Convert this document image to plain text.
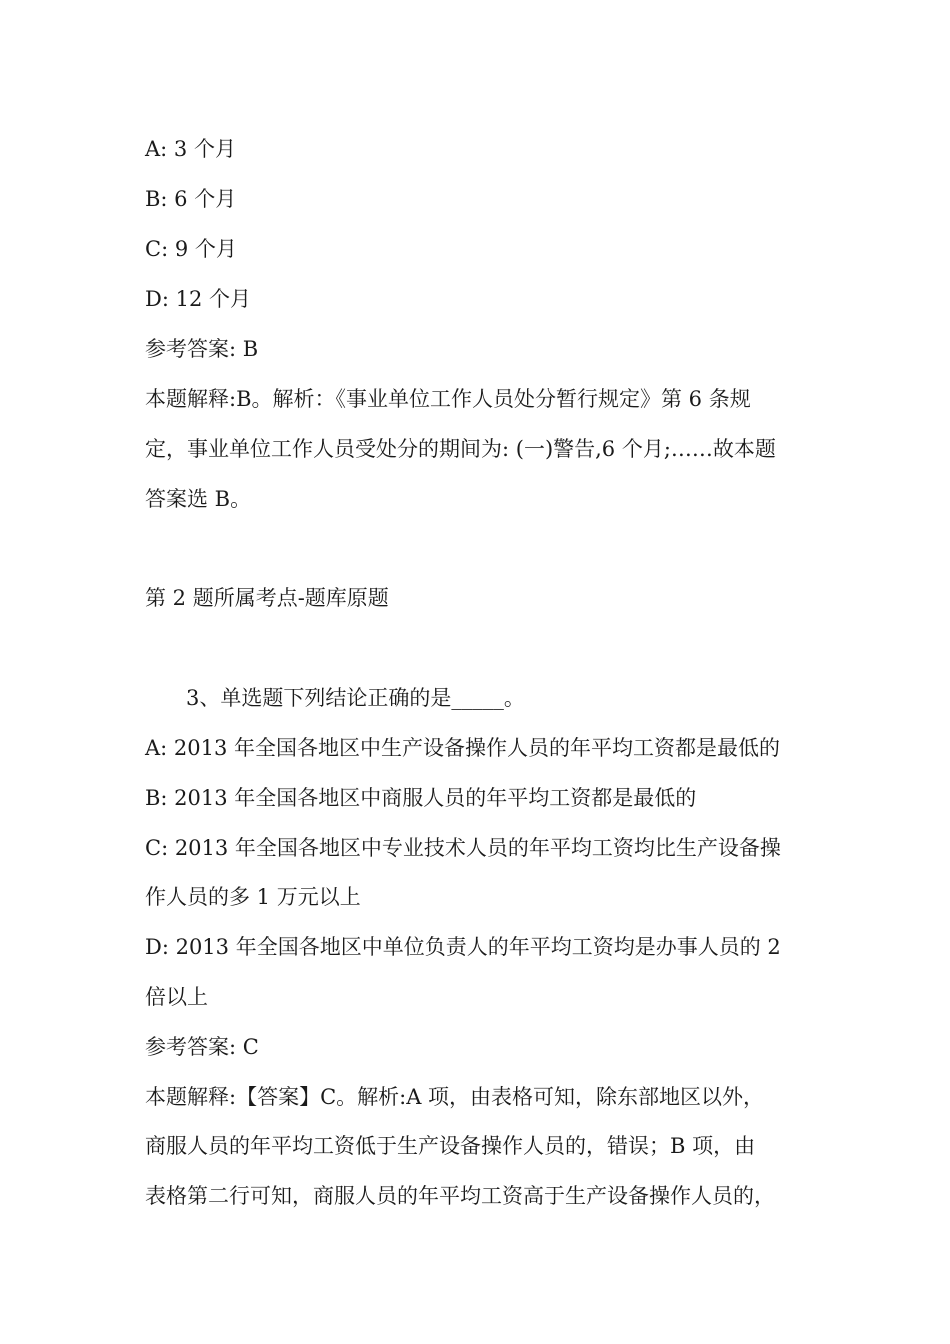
A: 3 个月
B: 6 个月
C: 9 个月
D: 12 个月
参考答案: B
本题解释:B。解析：《事业单位工作人员处分暂行规定》第 6 条规
定，事业单位工作人员受处分的期间为: (一)警告,6 个月;……故本题
答案选 B。
第 2 题所属考点-题库原题
3、单选题下列结论正确的是_____。
A: 2013 年全国各地区中生产设备操作人员的年平均工资都是最低的
B: 2013 年全国各地区中商服人员的年平均工资都是最低的
C: 2013 年全国各地区中专业技术人员的年平均工资均比生产设备操
作人员的多 1 万元以上
D: 2013 年全国各地区中单位负责人的年平均工资均是办事人员的 2
倍以上
参考答案: C
本题解释:【答案】C。解析:A 项，由表格可知，除东部地区以外，
商服人员的年平均工资低于生产设备操作人员的，错误；B 项，由
表格第二行可知，商服人员的年平均工资高于生产设备操作人员的，
